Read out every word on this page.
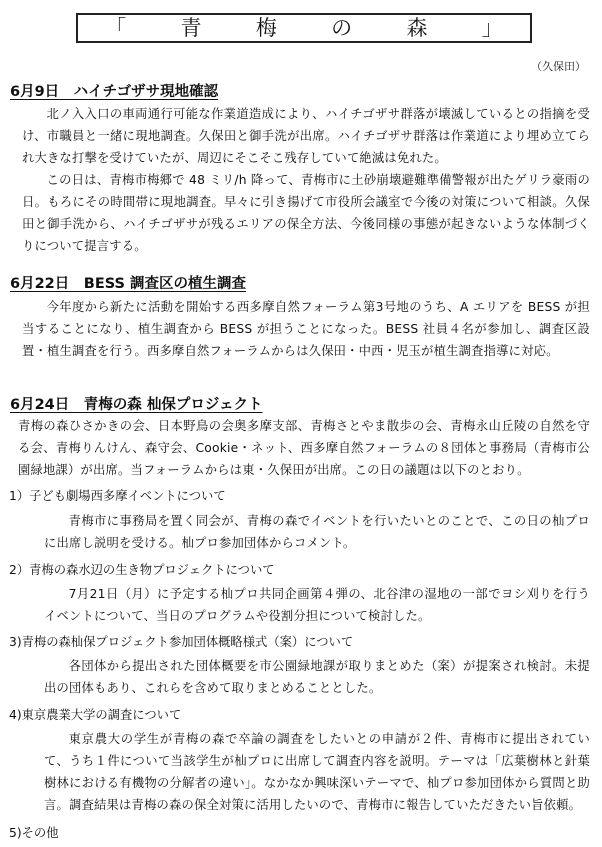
「	青	梅	の	森	」
（久保田）
6月9日　ハイチゴザサ現地確認

北ノ入入口の車両通行可能な作業道造成により、ハイチゴザサ群落が壊滅しているとの指摘を受け、市職員と一緒に現地調査。久保田と御手洗が出席。ハイチゴザサ群落は作業道により埋め立てられ大きな打撃を受けていたが、周辺にそこそこ残存していて絶滅は免れた。

この日は、青梅市梅郷で 48 ミリ/h 降って、青梅市に土砂崩壊避難準備警報が出たゲリラ豪雨の日。もろにその時間帯に現地調査。早々に引き揚げて市役所会議室で今後の対策について相談。久保田と御手洗から、ハイチゴザサが残るエリアの保全方法、今後同様の事態が起きないような体制づくりについて提言する。

6月22日　BESS 調査区の植生調査

今年度から新たに活動を開始する西多摩自然フォーラム第3号地のうち、A エリアを BESS が担当することになり、植生調査から BESS が担うことになった。BESS 社員４名が参加し、調査区設置・植生調査を行う。西多摩自然フォーラムからは久保田・中西・児玉が植生調査指導に対応。

6月24日　青梅の森 杣保プロジェクト

青梅の森ひさかきの会、日本野鳥の会奥多摩支部、青梅さとやま散歩の会、青梅永山丘陵の自然を守る会、青梅りんけん、森守会、Cookie・ネット、西多摩自然フォーラムの８団体と事務局（青梅市公園緑地課）が出席。当フォーラムからは東・久保田が出席。この日の議題は以下のとおり。

1）子ども劇場西多摩イベントについて

青梅市に事務局を置く同会が、青梅の森でイベントを行いたいとのことで、この日の杣プロに出席し説明を受ける。杣プロ参加団体からコメント。

2）青梅の森水辺の生き物プロジェクトについて

7月21日（月）に予定する杣プロ共同企画第４弾の、北谷津の湿地の一部でヨシ刈りを行うイベントについて、当日のプログラムや役割分担について検討した。

3)青梅の森杣保プロジェクト参加団体概略様式（案）について

各団体から提出された団体概要を市公園緑地課が取りまとめた（案）が提案され検討。未提出の団体もあり、これらを含めて取りまとめることとした。

4)東京農業大学の調査について

東京農大の学生が青梅の森で卒論の調査をしたいとの申請が２件、青梅市に提出されていて、うち１件について当該学生が杣プロに出席して調査内容を説明。テーマは「広葉樹林と針葉樹林における有機物の分解者の違い」。なかなか興味深いテーマで、杣プロ参加団体から質問と助言。調査結果は青梅の森の保全対策に活用したいので、青梅市に報告していただきたい旨依頼。

5)その他
